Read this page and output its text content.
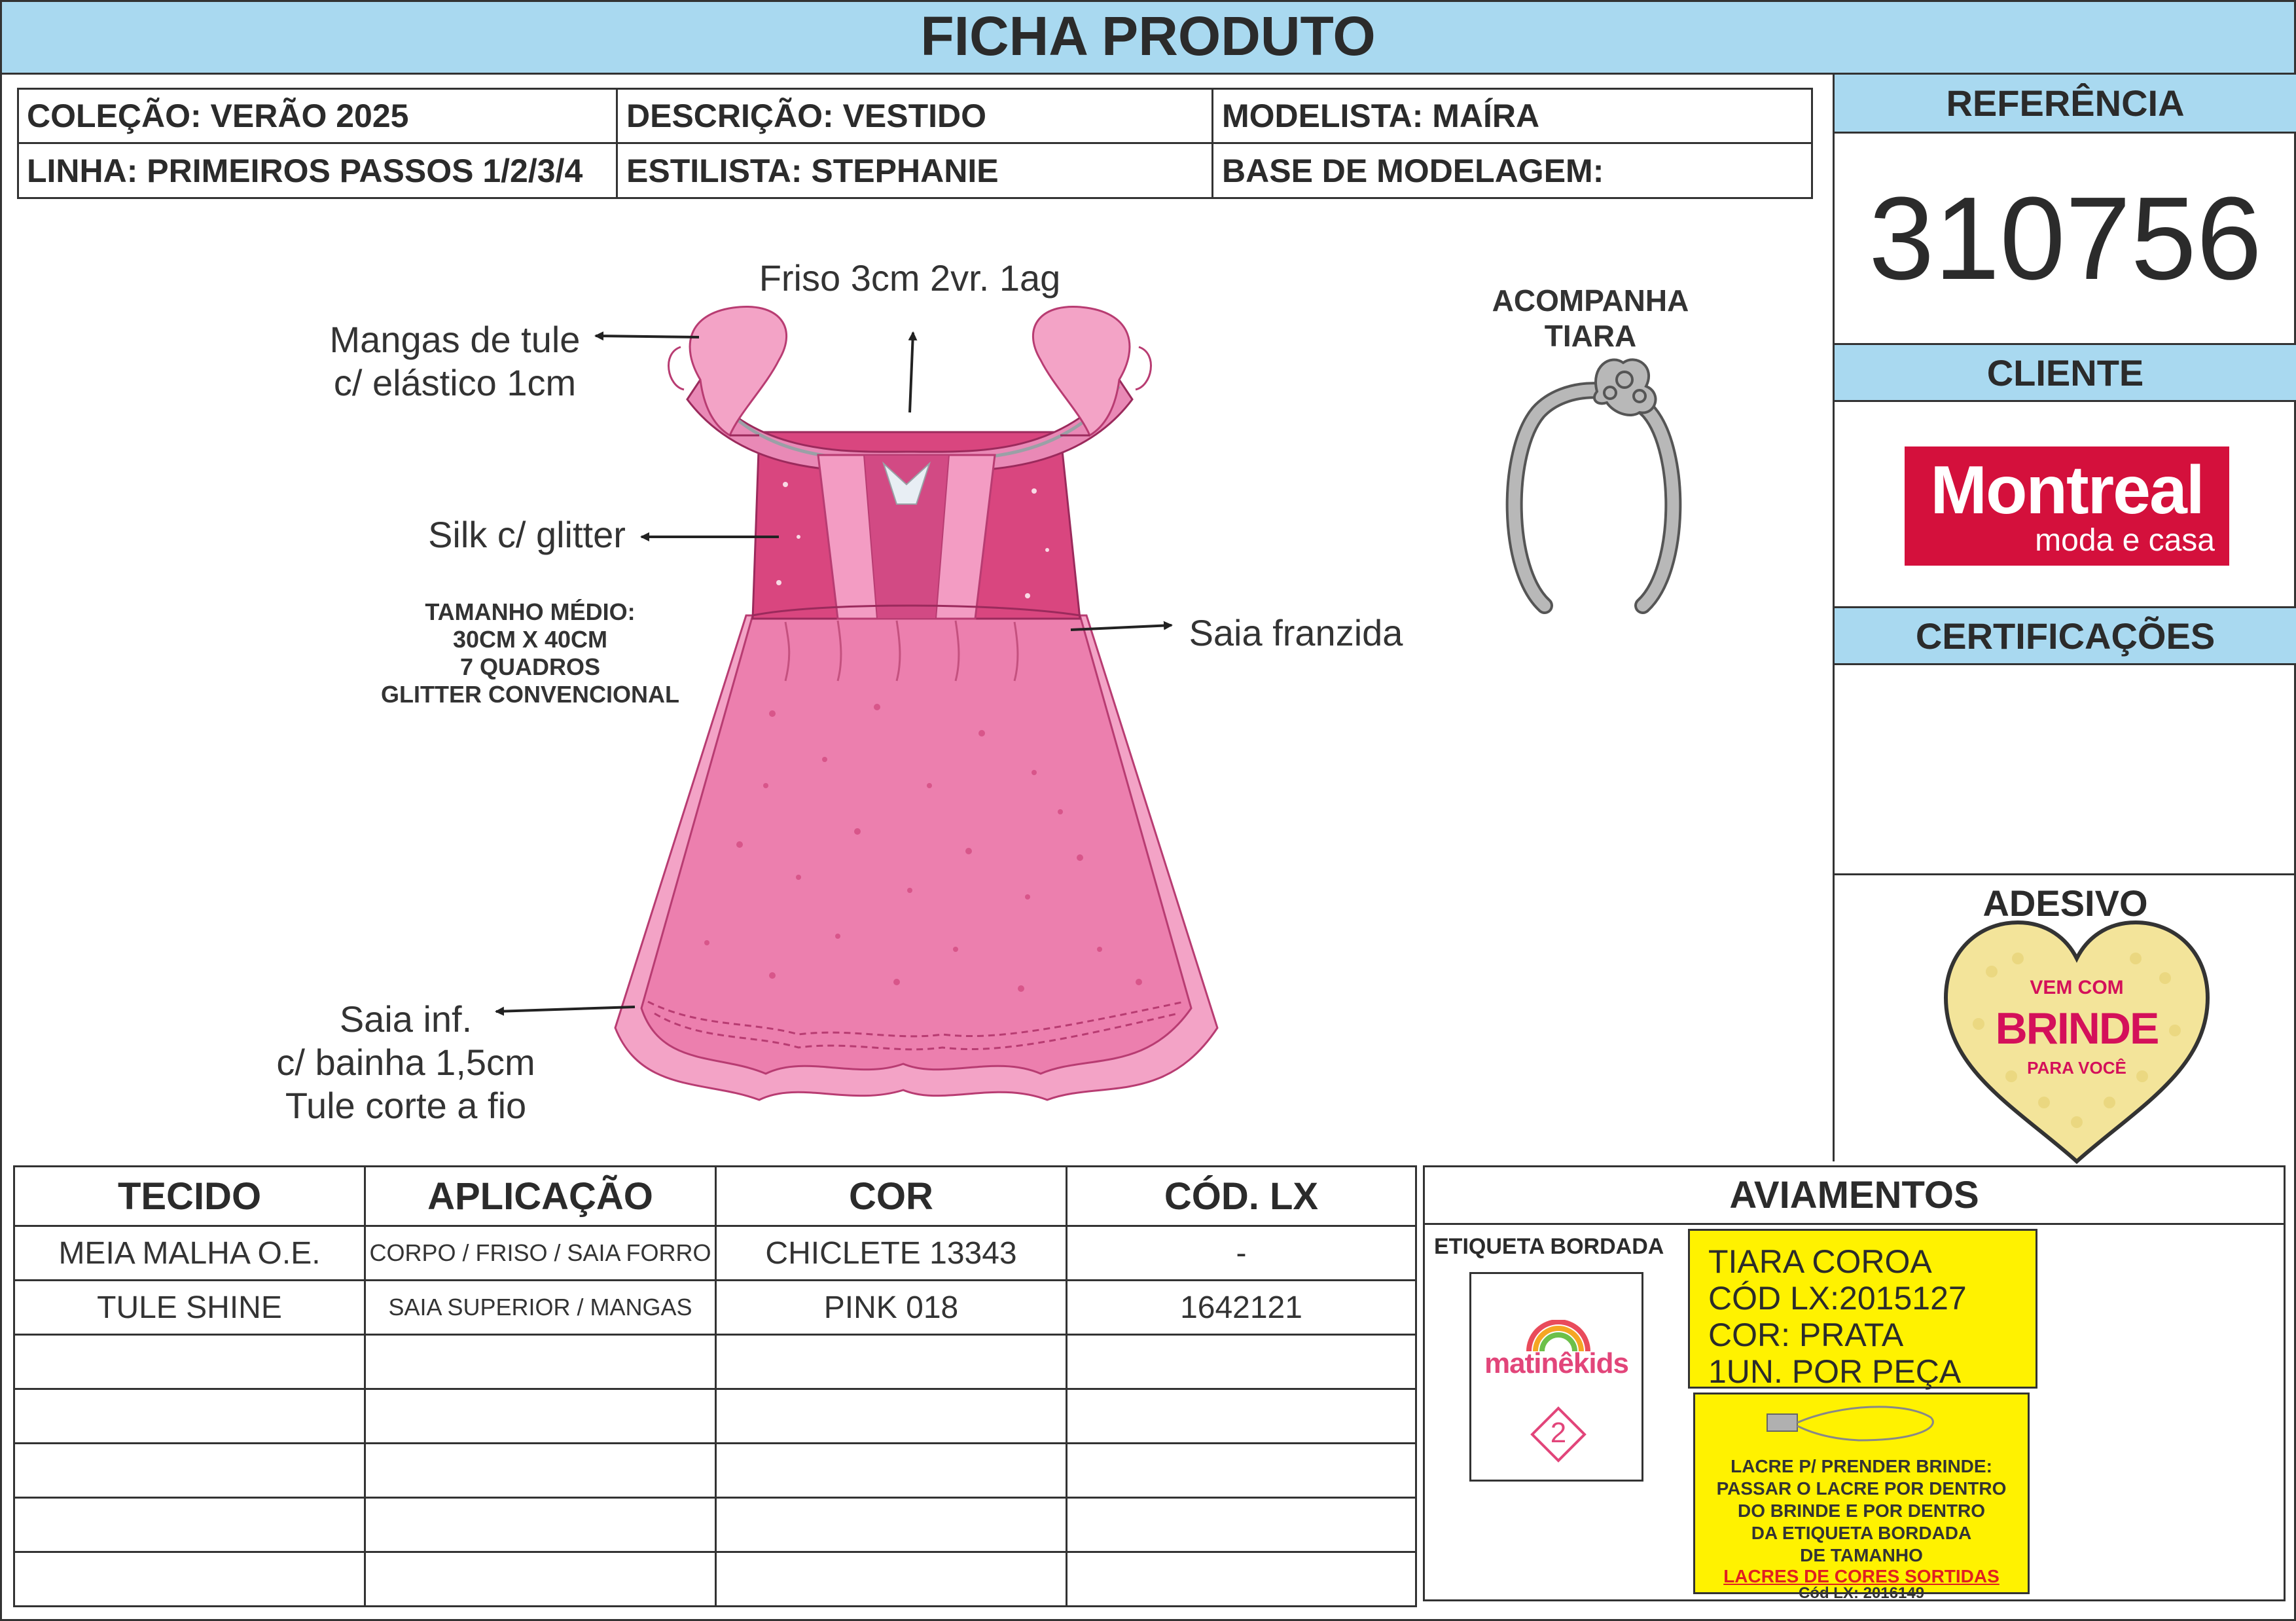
FICHA PRODUTO
COLEÇÃO: VERÃO 2025	DESCRIÇÃO: VESTIDO	MODELISTA: MAÍRA
LINHA: PRIMEIROS PASSOS 1/2/3/4	ESTILISTA: STEPHANIE	BASE DE MODELAGEM:
REFERÊNCIA
310756
CLIENTE
Montreal
moda e casa
CERTIFICAÇÕES
ADESIVO
VEM COM
BRINDE
PARA VOCÊ
Friso 3cm 2vr. 1ag
Mangas de tule
c/ elástico 1cm
Silk c/ glitter
Saia franzida
TAMANHO MÉDIO:
30CM X 40CM
7 QUADROS
GLITTER CONVENCIONAL
Saia inf.
c/ bainha 1,5cm
Tule corte a fio
ACOMPANHA
TIARA
TECIDO	APLICAÇÃO	COR	CÓD. LX
MEIA MALHA O.E.	CORPO / FRISO / SAIA FORRO	CHICLETE 13343	-
TULE SHINE	SAIA SUPERIOR / MANGAS	PINK 018	1642121

AVIAMENTOS
ETIQUETA BORDADA
matinêkids
2
TIARA COROA
CÓD LX:2015127
COR: PRATA
1UN. POR PEÇA
LACRE P/ PRENDER BRINDE:
PASSAR O LACRE POR DENTRO
DO BRINDE E POR DENTRO
DA ETIQUETA BORDADA
DE TAMANHO
LACRES DE CORES SORTIDAS
Cód LX: 2016149
